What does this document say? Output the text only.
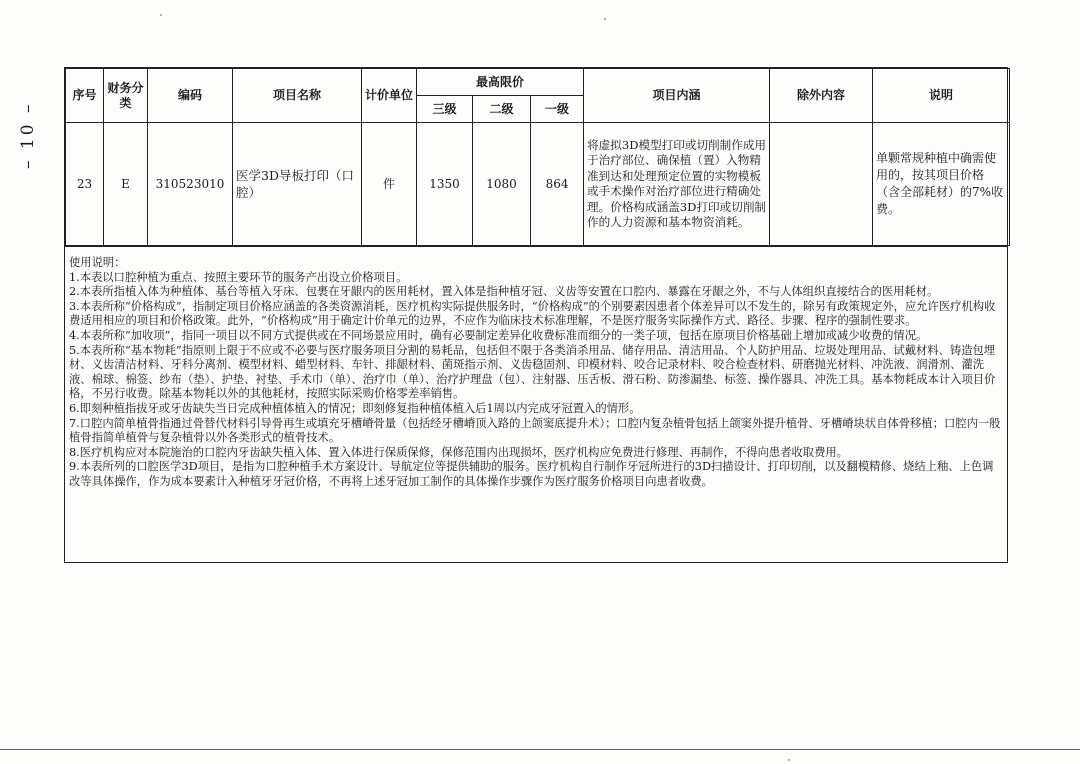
– 10 –
序号	财务分类	编码	项目名称	计价单位	最高限价			项目内涵	除外内容	说明
					三级	二级	一级			
23	E	310523010	医学3D导板打印（口腔）	件	1350	1080	864	将虚拟3D模型打印或切削制作成用于治疗部位、确保植（置）入物精准到达和处理预定位置的实物模板或手术操作对治疗部位进行精确处理。价格构成涵盖3D打印或切削制作的人力资源和基本物资消耗。		单颗常规种植中确需使用的，按其项目价格（含全部耗材）的7%收费。

使用说明：

1.本表以口腔种植为重点、按照主要环节的服务产出设立价格项目。

2.本表所指植入体为种植体、基台等植入牙床、包裹在牙龈内的医用耗材，置入体是指种植牙冠、义齿等安置在口腔内、暴露在牙龈之外，不与人体组织直接结合的医用耗材。

3.本表所称“价格构成”，指制定项目价格应涵盖的各类资源消耗，医疗机构实际提供服务时，“价格构成”的个别要素因患者个体差异可以不发生的，除另有政策规定外，应允许医疗机构收费适用相应的项目和价格政策。此外，“价格构成”用于确定计价单元的边界，不应作为临床技术标准理解，不是医疗服务实际操作方式、路径、步骤、程序的强制性要求。

4.本表所称“加收项”，指同一项目以不同方式提供或在不同场景应用时，确有必要制定差异化收费标准而细分的一类子项，包括在原项目价格基础上增加或减少收费的情况。

5.本表所称“基本物耗”指原则上限于不应或不必要与医疗服务项目分割的易耗品，包括但不限于各类消杀用品、储存用品、清洁用品、个人防护用品、垃圾处理用品、试戴材料、铸造包埋材、义齿清洁材料、牙科分离剂、模型材料、蜡型材料、车针、排龈材料、菌斑指示剂、义齿稳固剂、印模材料、咬合记录材料、咬合检查材料、研磨抛光材料、冲洗液、润滑剂、灌洗液、棉球、棉签、纱布（垫）、护垫、衬垫、手术巾（单）、治疗巾（单）、治疗护理盘（包）、注射器、压舌板、滑石粉、防渗漏垫、标签、操作器具、冲洗工具。基本物耗成本计入项目价格，不另行收费。除基本物耗以外的其他耗材，按照实际采购价格零差率销售。

6.即刻种植指拔牙或牙齿缺失当日完成种植体植入的情况；即刻修复指种植体植入后1周以内完成牙冠置入的情形。

7.口腔内简单植骨指通过骨替代材料引导骨再生或填充牙槽嵴骨量（包括经牙槽嵴顶入路的上颌窦底提升术）；口腔内复杂植骨包括上颌窦外提升植骨、牙槽嵴块状自体骨移植；口腔内一般植骨指简单植骨与复杂植骨以外各类形式的植骨技术。

8.医疗机构应对本院施治的口腔内牙齿缺失植入体、置入体进行保质保修，保修范围内出现损坏，医疗机构应免费进行修理、再制作，不得向患者收取费用。

9.本表所列的口腔医学3D项目，是指为口腔种植手术方案设计、导航定位等提供辅助的服务。医疗机构自行制作牙冠所进行的3D扫描设计、打印切削，以及翻模精修、烧结上釉、上色调改等具体操作，作为成本要素计入种植牙牙冠价格，不再将上述牙冠加工制作的具体操作步骤作为医疗服务价格项目向患者收费。
